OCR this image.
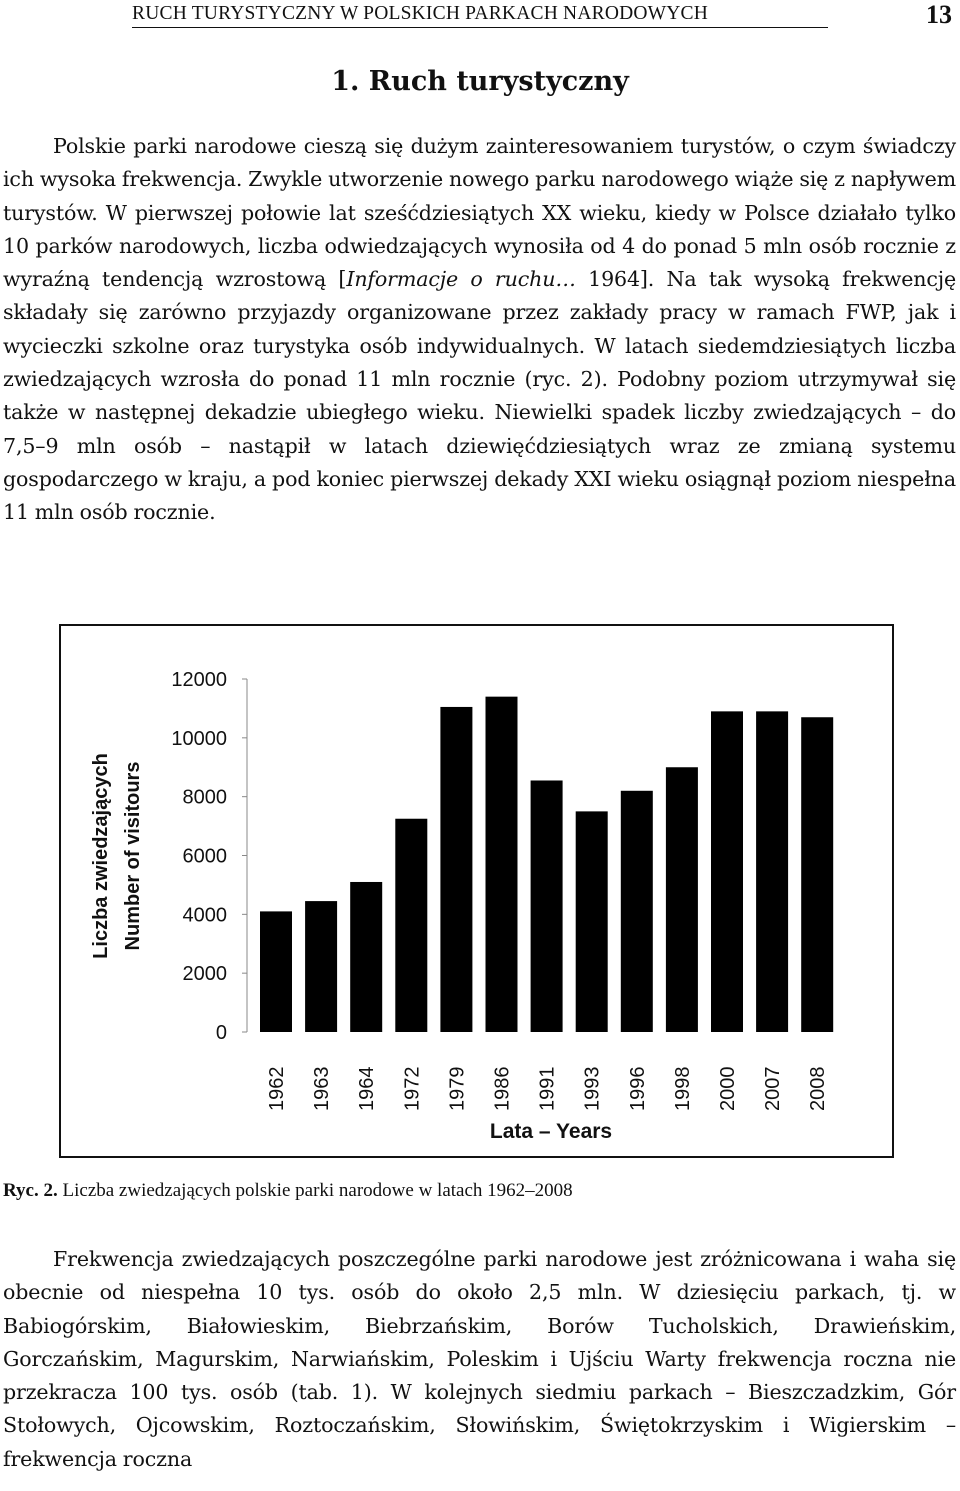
RUCH TURYSTYCZNY W POLSKICH PARKACH NARODOWYCH	13
1. Ruch turystyczny

Polskie parki narodowe cieszą się dużym zainteresowaniem turystów, o czym świadczy ich wysoka frekwencja. Zwykle utworzenie nowego parku narodowego wiąże się z napływem turystów. W pierwszej połowie lat sześćdziesiątych XX wieku, kiedy w Polsce działało tylko 10 parków narodowych, liczba odwiedzających wynosiła od 4 do ponad 5 mln osób rocznie z wyraźną tendencją wzrostową [Informacje o ruchu… 1964]. Na tak wysoką frekwencję składały się zarówno przyjazdy organizowane przez zakłady pracy w ramach FWP, jak i wycieczki szkolne oraz turystyka osób indywidualnych. W latach siedemdziesiątych liczba zwiedzających wzrosła do ponad 11 mln rocznie (ryc. 2). Podobny poziom utrzymywał się także w następnej dekadzie ubiegłego wieku. Niewielki spadek liczby zwiedzających – do 7,5–9 mln osób – nastąpił w latach dziewięćdziesiątych wraz ze zmianą systemu gospodarczego w kraju, a pod koniec pierwszej dekady XXI wieku osiągnął poziom niespełna 11 mln osób rocznie.

0
2000
4000
6000
8000
10000
12000
1962 1963 1964 1972 1979 1986 1991 1993 1996 1998 2000 2007 2008
Liczba zwiedzających Number of visitours
Lata – Years
Ryc. 2. Liczba zwiedzających polskie parki narodowe w latach 1962–2008

Frekwencja zwiedzających poszczególne parki narodowe jest zróżnicowana i waha się obecnie od niespełna 10 tys. osób do około 2,5 mln. W dziesięciu parkach, tj. w Babiogórskim, Białowieskim, Biebrzańskim, Borów Tucholskich, Drawieńskim, Gorczańskim, Magurskim, Narwiańskim, Poleskim i Ujściu Warty frekwencja roczna nie przekracza 100 tys. osób (tab. 1). W kolejnych siedmiu parkach – Bieszczadzkim, Gór Stołowych, Ojcowskim, Roztoczańskim, Słowińskim, Świętokrzyskim i Wigierskim – frekwencja roczna
